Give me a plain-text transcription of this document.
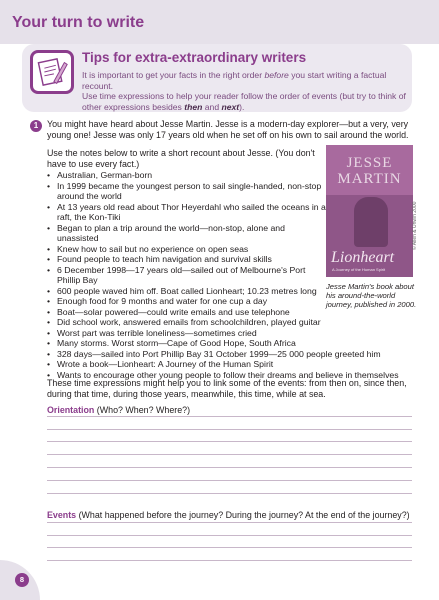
Your turn to write
Tips for extra-extraordinary writers
It is important to get your facts in the right order before you start writing a factual recount.
Use time expressions to help your reader follow the order of events (but try to think of other expressions besides then and next).
1 You might have heard about Jesse Martin. Jesse is a modern-day explorer—but a very, very young one! Jesse was only 17 years old when he set off on his own to sail around the world.
Use the notes below to write a short recount about Jesse. (You don't have to use every fact.)
• Australian, German-born
• In 1999 became the youngest person to sail single-handed, non-stop around the world
• At 13 years old read about Thor Heyerdahl who sailed the oceans in a raft, the Kon-Tiki
• Began to plan a trip around the world—non-stop, alone and unassisted
• Knew how to sail but no experience on open seas
• Found people to teach him navigation and survival skills
• 6 December 1998—17 years old—sailed out of Melbourne's Port Phillip Bay
• 600 people waved him off. Boat called Lionheart; 10.23 metres long
• Enough food for 9 months and water for one cup a day
• Boat—solar powered—could write emails and use telephone
• Did school work, answered emails from schoolchildren, played guitar
• Worst part was terrible loneliness—sometimes cried
• Many storms. Worst storm—Cape of Good Hope, South Africa
• 328 days—sailed into Port Phillip Bay 31 October 1999—25 000 people greeted him
• Wrote a book—Lionheart: A Journey of the Human Spirit
• Wants to encourage other young people to follow their dreams and believe in themselves
JESSE
MARTIN
Lionheart
A Journey of the Human Spirit
© Allen & Unwin 2000
Jesse Martin's book about his around-the-world journey, published in 2000.
These time expressions might help you to link some of the events: from then on, since then, during that time, during those years, meanwhile, this time, while at sea.
Orientation (Who? When? Where?)
Events (What happened before the journey? During the journey? At the end of the journey?)
8
